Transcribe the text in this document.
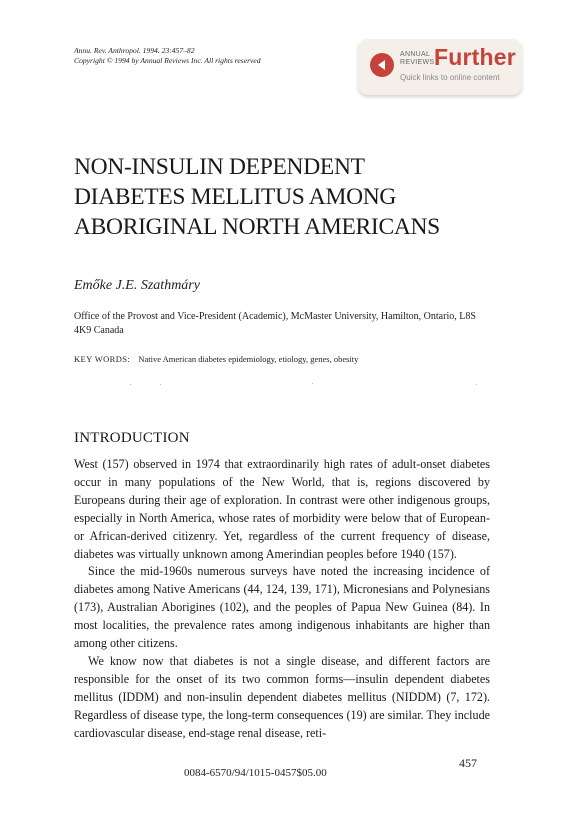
Annu. Rev. Anthropol. 1994. 23:457–82
Copyright © 1994 by Annual Reviews Inc. All rights reserved
ANNUAL
REVIEWS Further
Quick links to online content
NON-INSULIN DEPENDENT
DIABETES MELLITUS AMONG
ABORIGINAL NORTH AMERICANS
Emőke J.E. Szathmáry
Office of the Provost and Vice-President (Academic), McMaster University, Hamilton, Ontario, L8S 4K9 Canada
KEY WORDS: Native American diabetes epidemiology, etiology, genes, obesity
INTRODUCTION

West (157) observed in 1974 that extraordinarily high rates of adult-onset diabetes occur in many populations of the New World, that is, regions discovered by Europeans during their age of exploration. In contrast were other indigenous groups, especially in North America, whose rates of morbidity were below that of European- or African-derived citizenry. Yet, regardless of the current frequency of disease, diabetes was virtually unknown among Amerindian peoples before 1940 (157).

Since the mid-1960s numerous surveys have noted the increasing incidence of diabetes among Native Americans (44, 124, 139, 171), Micronesians and Polynesians (173), Australian Aborigines (102), and the peoples of Papua New Guinea (84). In most localities, the prevalence rates among indigenous inhabitants are higher than among other citizens.

We know now that diabetes is not a single disease, and different factors are responsible for the onset of its two common forms—insulin dependent diabetes mellitus (IDDM) and non-insulin dependent diabetes mellitus (NIDDM) (7, 172). Regardless of disease type, the long-term consequences (19) are similar. They include cardiovascular disease, end-stage renal disease, reti-

457
0084-6570/94/1015-0457$05.00
